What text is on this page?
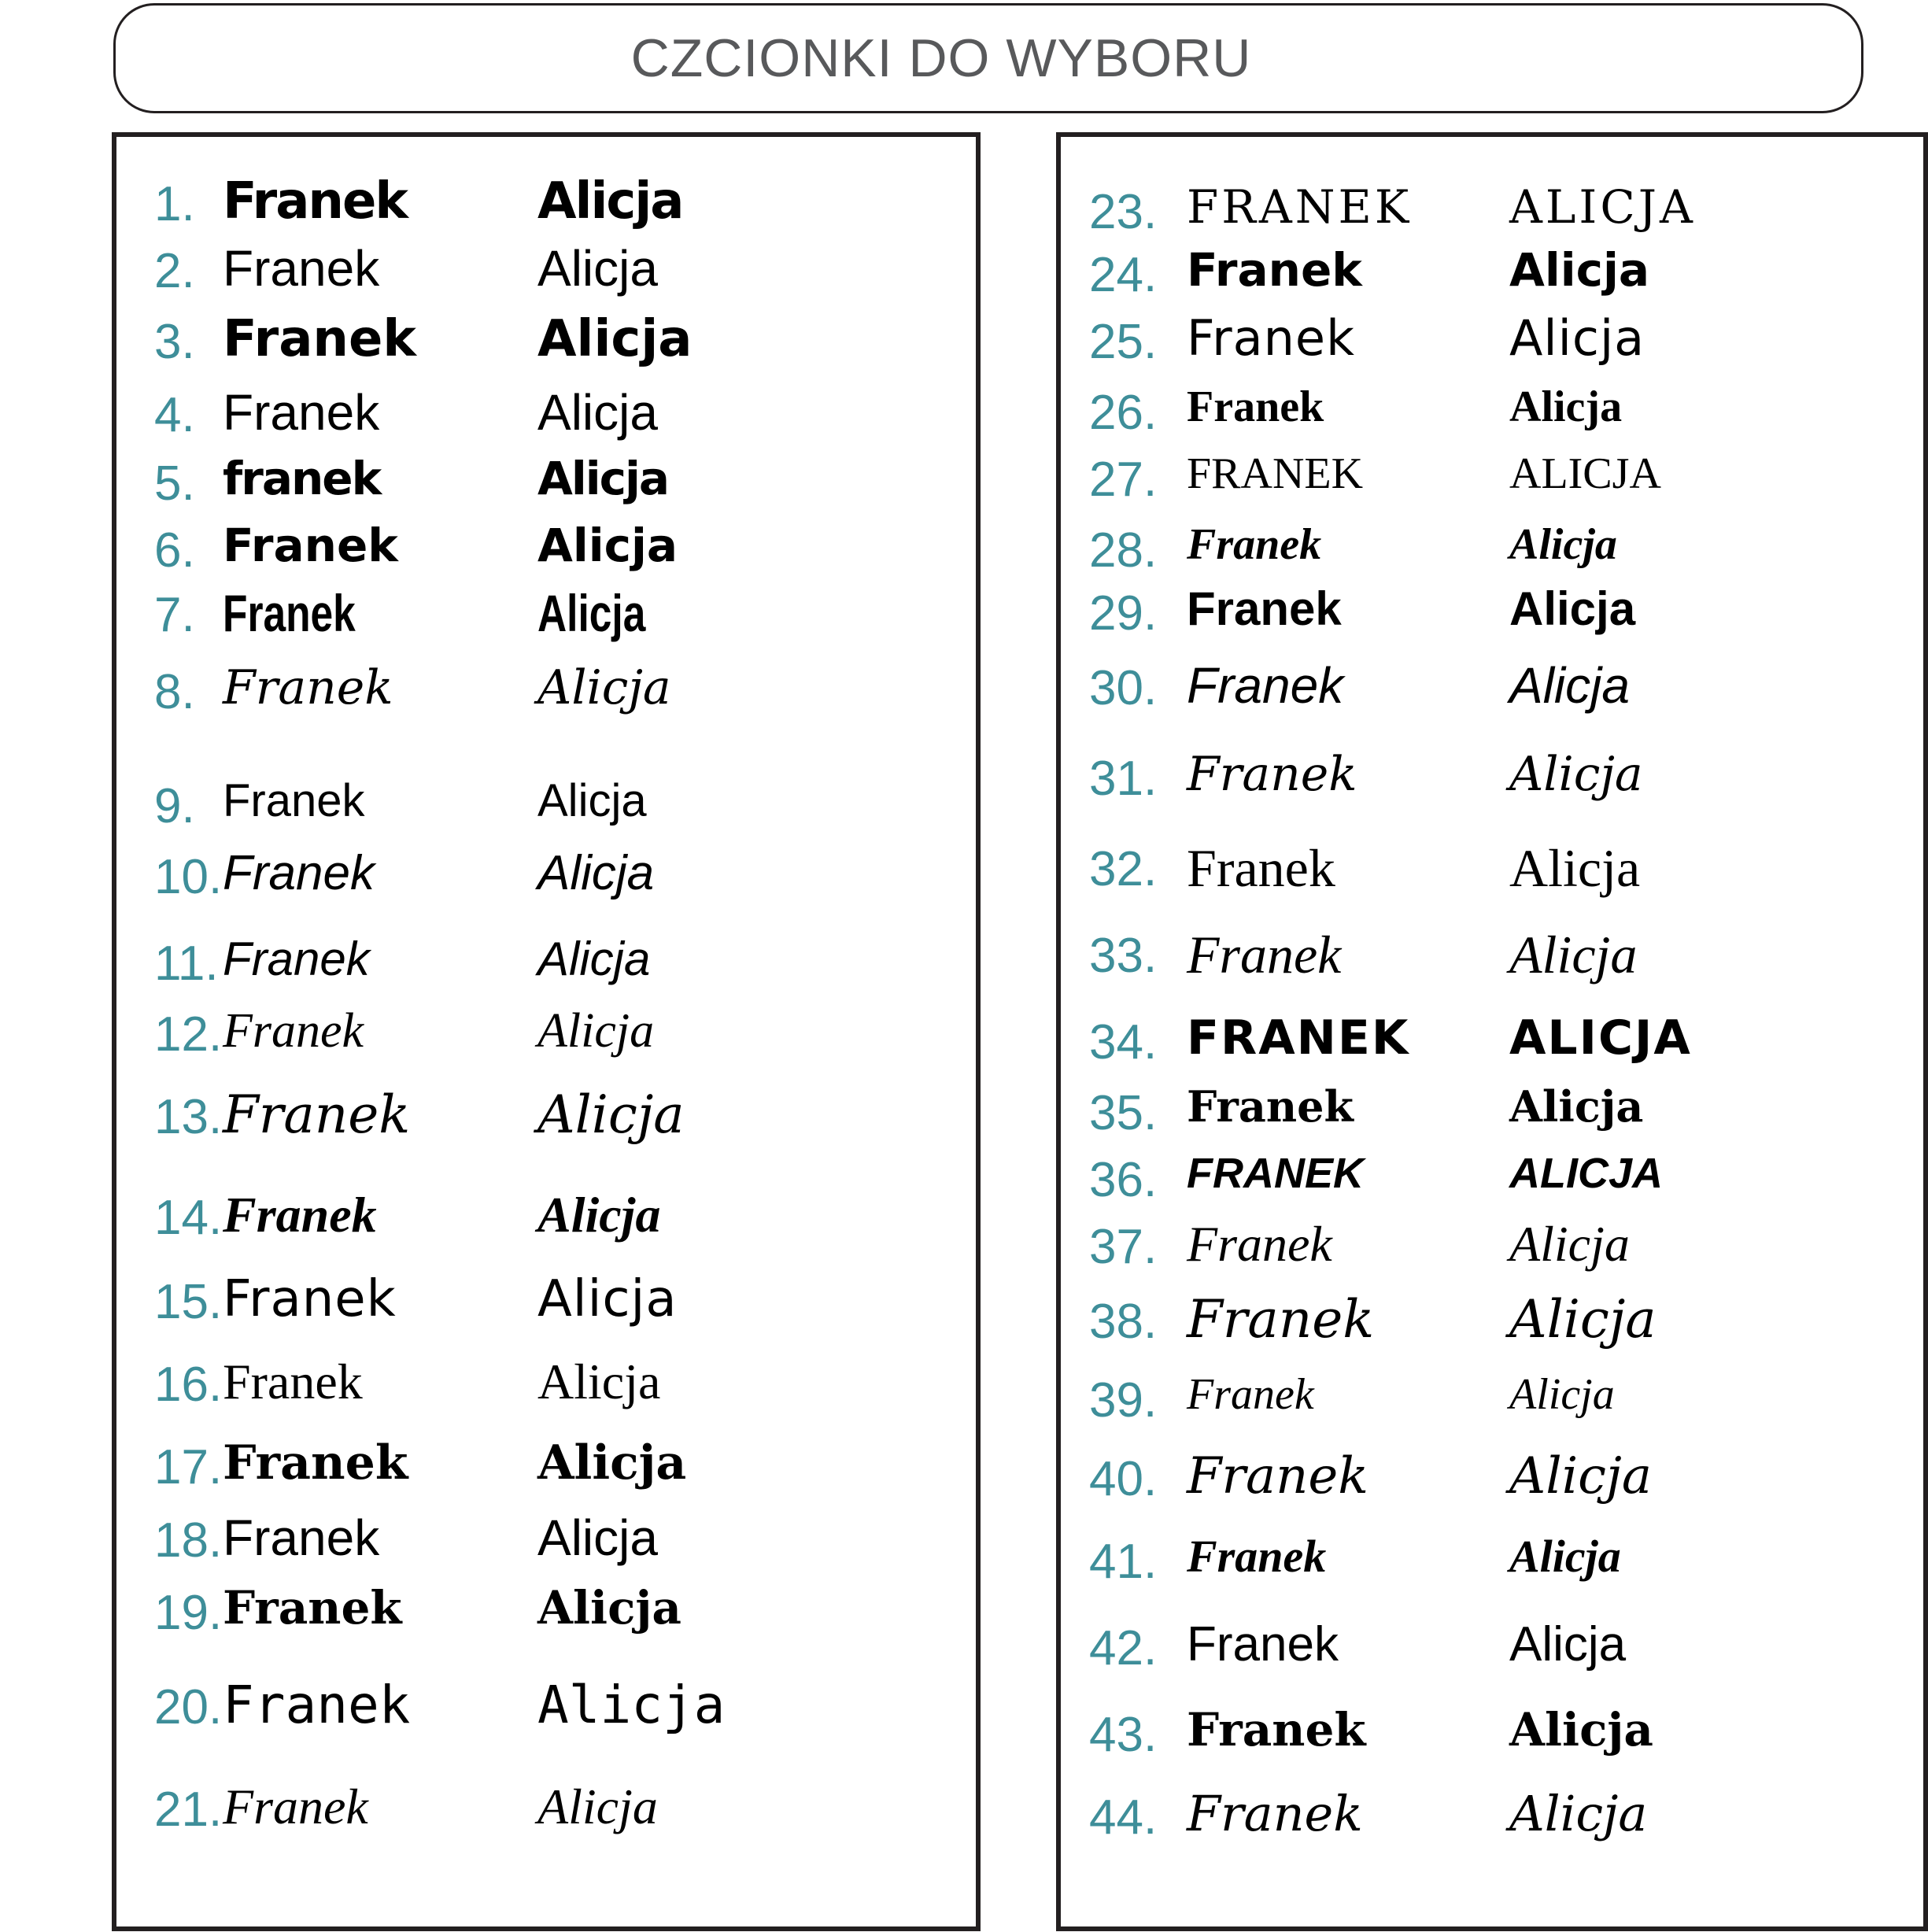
CZCIONKI DO WYBORU
1. Franek	Alicja
2. Franek	Alicja
3. Franek Alicja
4. Franek	Alicja
5. franek	Alicja
6. Franek	Alicja
7. Franek	Alicja
8. Franek	Alicja
9. Franek	Alicja
10. Franek	Alicja
11. Franek	Alicja
12. Franek	Alicja
13. Franek Alicja
14. Franek	Alicja
15. Franek	Alicja
16. Franek	Alicja
17. Franek	Alicja
18. Franek	Alicja
19. Franek	Alicja
20. Franek Alicja
21. Franek	Alicja
23. FRANEK ALICJA
24. Franek	Alicja
25. Franek	Alicja
26. Franek	Alicja
27. FRANEK	ALICJA
28. Franek	Alicja
29. Franek	Alicja
30. Franek	Alicja
31. Franek	Alicja
32. Franek	Alicja
33. Franek	Alicja
34. FRANEK ALICJA
35. Franek	Alicja
36. FRANEK	ALICJA
37. Franek	Alicja
38. Franek	Alicja
39. Franek	Alicja
40. Franek	Alicja
41. Franek	Alicja
42. Franek	Alicja
43. Franek	Alicja
44. Franek	Alicja
